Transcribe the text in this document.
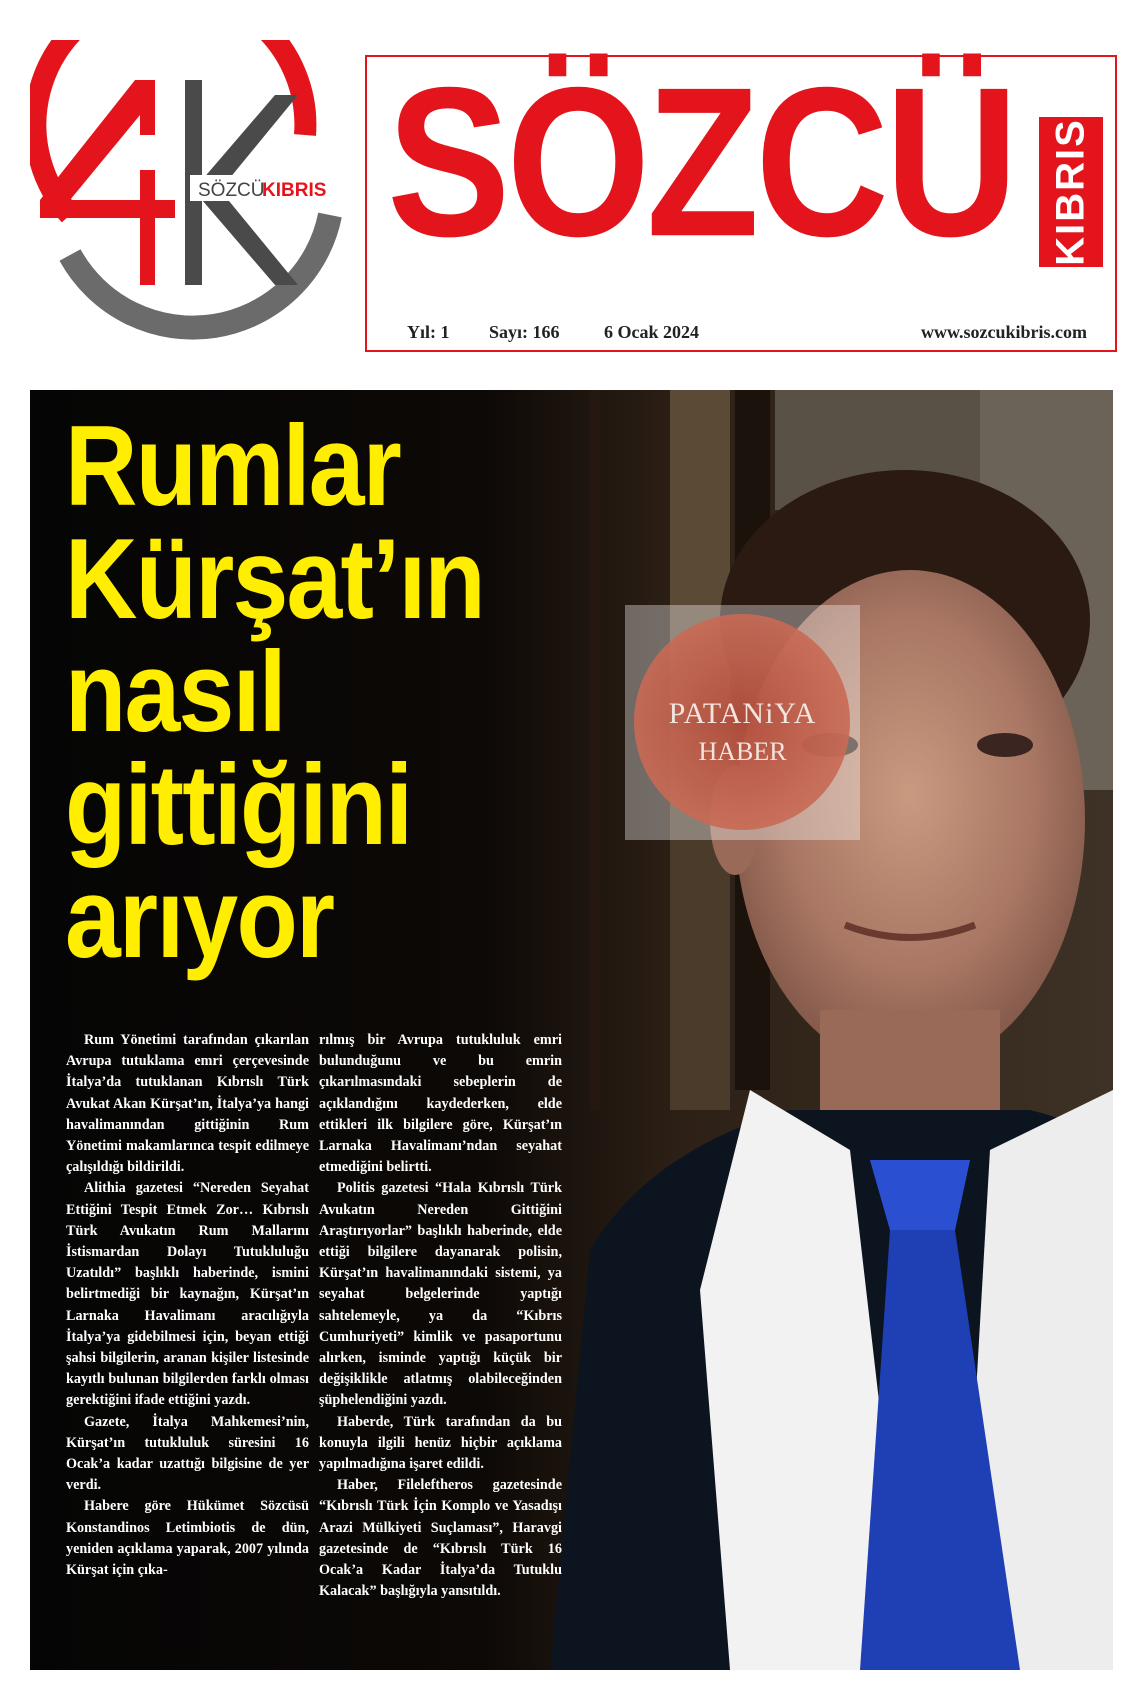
SÖZCÜ
KIBRIS SÖZCÜ KIBRIS
Yıl: 1 Sayı: 166 6 Ocak 2024	www.sozcukibris.com
PATANiYA
HABER
Rumlar
Kürşat’ın
nasıl
gittiğini
arıyor

Rum Yönetimi tarafından çıkarılan Avrupa tutuklama emri çerçevesinde İtalya’da tutuklanan Kıbrıslı Türk Avukat Akan Kürşat’ın, İtalya’ya hangi havalimanından gittiğinin Rum Yönetimi makamlarınca tespit edilmeye çalışıldığı bildirildi.

Alithia gazetesi “Nereden Seyahat Ettiğini Tespit Etmek Zor… Kıbrıslı Türk Avukatın Rum Mallarını İstismardan Dolayı Tutukluluğu Uzatıldı” başlıklı haberinde, ismini belirtmediği bir kaynağın, Kürşat’ın Larnaka Havalimanı aracılığıyla İtalya’ya gidebilmesi için, beyan ettiği şahsi bilgilerin, aranan kişiler listesinde kayıtlı bulunan bilgilerden farklı olması gerektiğini ifade ettiğini yazdı.

Gazete, İtalya Mahkemesi’nin, Kürşat’ın tutukluluk süresini 16 Ocak’a kadar uzattığı bilgisine de yer verdi.

Habere göre Hükümet Sözcüsü Konstandinos Letimbiotis de dün, yeniden açıklama yaparak, 2007 yılında Kürşat için çıka-

rılmış bir Avrupa tutukluluk emri bulunduğunu ve bu emrin çıkarılmasındaki sebeplerin de açıklandığını kaydederken, elde ettikleri ilk bilgilere göre, Kürşat’ın Larnaka Havalimanı’ndan seyahat etmediğini belirtti.

Politis gazetesi “Hala Kıbrıslı Türk Avukatın Nereden Gittiğini Araştırıyorlar” başlıklı haberinde, elde ettiği bilgilere dayanarak polisin, Kürşat’ın havalimanındaki sistemi, ya seyahat belgelerinde yaptığı sahtelemeyle, ya da “Kıbrıs Cumhuriyeti” kimlik ve pasaportunu alırken, isminde yaptığı küçük bir değişiklikle atlatmış olabileceğinden şüphelendiğini yazdı.

Haberde, Türk tarafından da bu konuyla ilgili henüz hiçbir açıklama yapılmadığına işaret edildi.

Haber, Fileleftheros gazetesinde “Kıbrıslı Türk İçin Komplo ve Yasadışı Arazi Mülkiyeti Suçlaması”, Haravgi gazetesinde de “Kıbrıslı Türk 16 Ocak’a Kadar İtalya’da Tutuklu Kalacak” başlığıyla yansıtıldı.
